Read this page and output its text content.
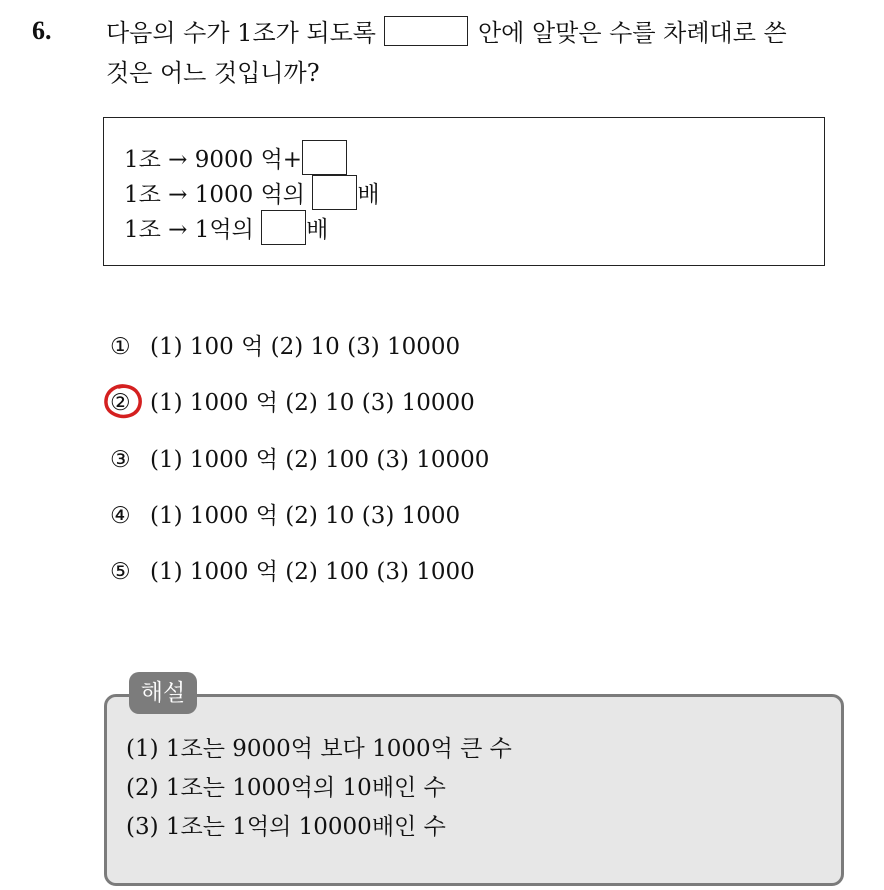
6. 다음의 수가 1조가 되도록	안에 알맞은 수를 차례대로 쓴
것은 어느 것입니까?
1조 → 9000 억+
1조 → 1000 억의 배
1조 → 1억의 배
① (1) 100 억 (2) 10 (3) 10000
② (1) 1000 억 (2) 10 (3) 10000
③ (1) 1000 억 (2) 100 (3) 10000
④ (1) 1000 억 (2) 10 (3) 1000
⑤ (1) 1000 억 (2) 100 (3) 1000
해설
(1) 1조는 9000억 보다 1000억 큰 수
(2) 1조는 1000억의 10배인 수
(3) 1조는 1억의 10000배인 수
